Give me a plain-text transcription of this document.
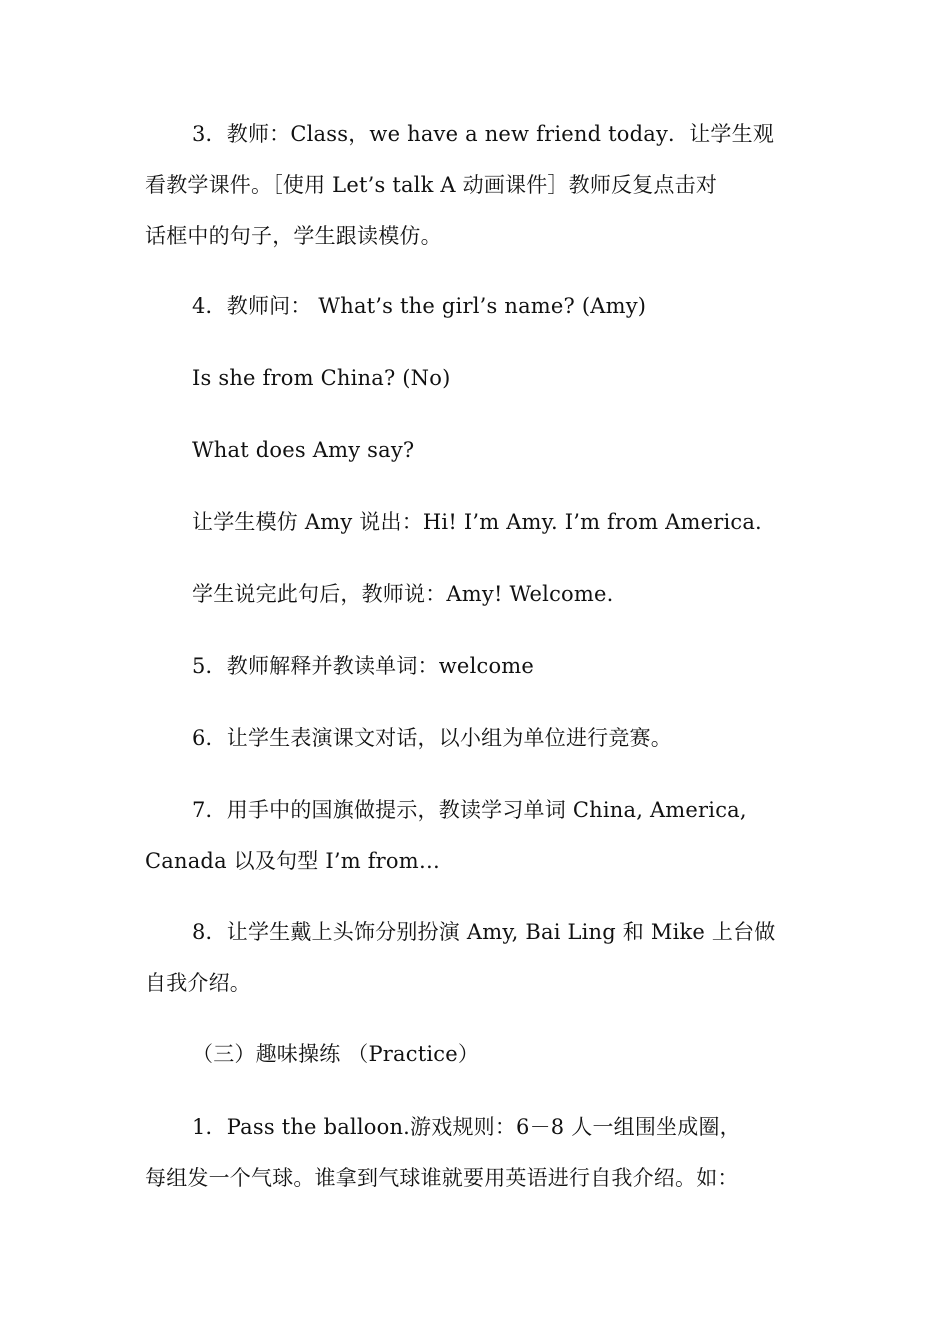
3．教师：Class，we have a new friend today．让学生观
看教学课件。［使用 Let’s talk A 动画课件］教师反复点击对
话框中的句子，学生跟读模仿。
4．教师问： What’s the girl’s name? (Amy)
Is she from China? (No)
What does Amy say?
让学生模仿 Amy 说出：Hi! I’m Amy. I’m from America.
学生说完此句后，教师说：Amy! Welcome.
5．教师解释并教读单词：welcome
6．让学生表演课文对话，以小组为单位进行竞赛。
7．用手中的国旗做提示，教读学习单词 China, America,
Canada 以及句型 I’m from…
8．让学生戴上头饰分别扮演 Amy, Bai Ling 和 Mike 上台做
自我介绍。
（三）趣味操练 （Practice）
1．Pass the balloon.游戏规则：6－8 人一组围坐成圈，
每组发一个气球。谁拿到气球谁就要用英语进行自我介绍。如：
